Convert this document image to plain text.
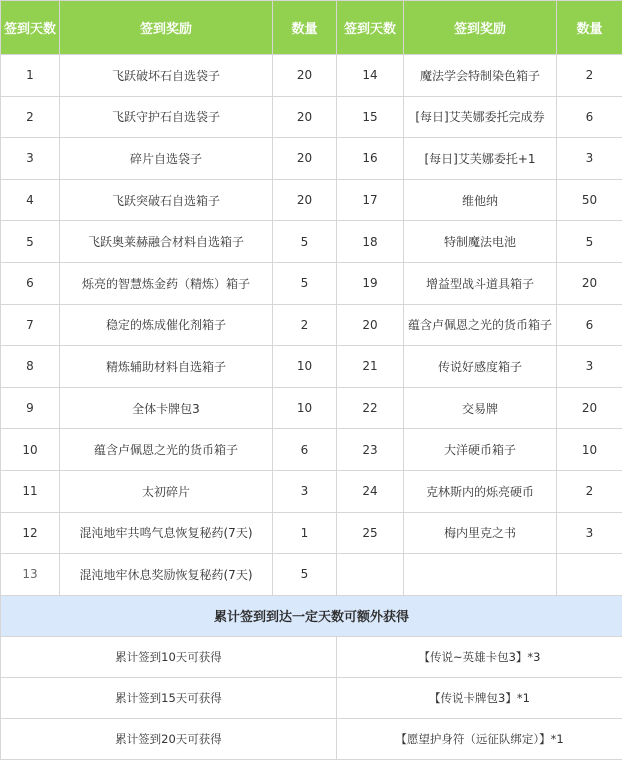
签到天数	签到奖励	数量	签到天数	签到奖励	数量
1	飞跃破坏石自选袋子	20	14	魔法学会特制染色箱子	2
2	飞跃守护石自选袋子	20	15	[每日]艾芙娜委托完成券	6
3	碎片自选袋子	20	16	[每日]艾芙娜委托+1	3
4	飞跃突破石自选箱子	20	17	维他纳	50
5	飞跃奥莱赫融合材料自选箱子	5	18	特制魔法电池	5
6	烁亮的智慧炼金药（精炼）箱子	5	19	增益型战斗道具箱子	20
7	稳定的炼成催化剂箱子	2	20	蕴含卢佩恩之光的货币箱子	6
8	精炼辅助材料自选箱子	10	21	传说好感度箱子	3
9	全体卡牌包3	10	22	交易牌	20
10	蕴含卢佩恩之光的货币箱子	6	23	大洋硬币箱子	10
11	太初碎片	3	24	克林斯内的烁亮硬币	2
12	混沌地牢共鸣气息恢复秘药(7天)	1	25	梅内里克之书	3
13	混沌地牢休息奖励恢复秘药(7天)	5			
累计签到到达一定天数可额外获得					
累计签到10天可获得			【传说~英雄卡包3】*3		
累计签到15天可获得			【传说卡牌包3】*1		
累计签到20天可获得			【愿望护身符（远征队绑定）】*1		
